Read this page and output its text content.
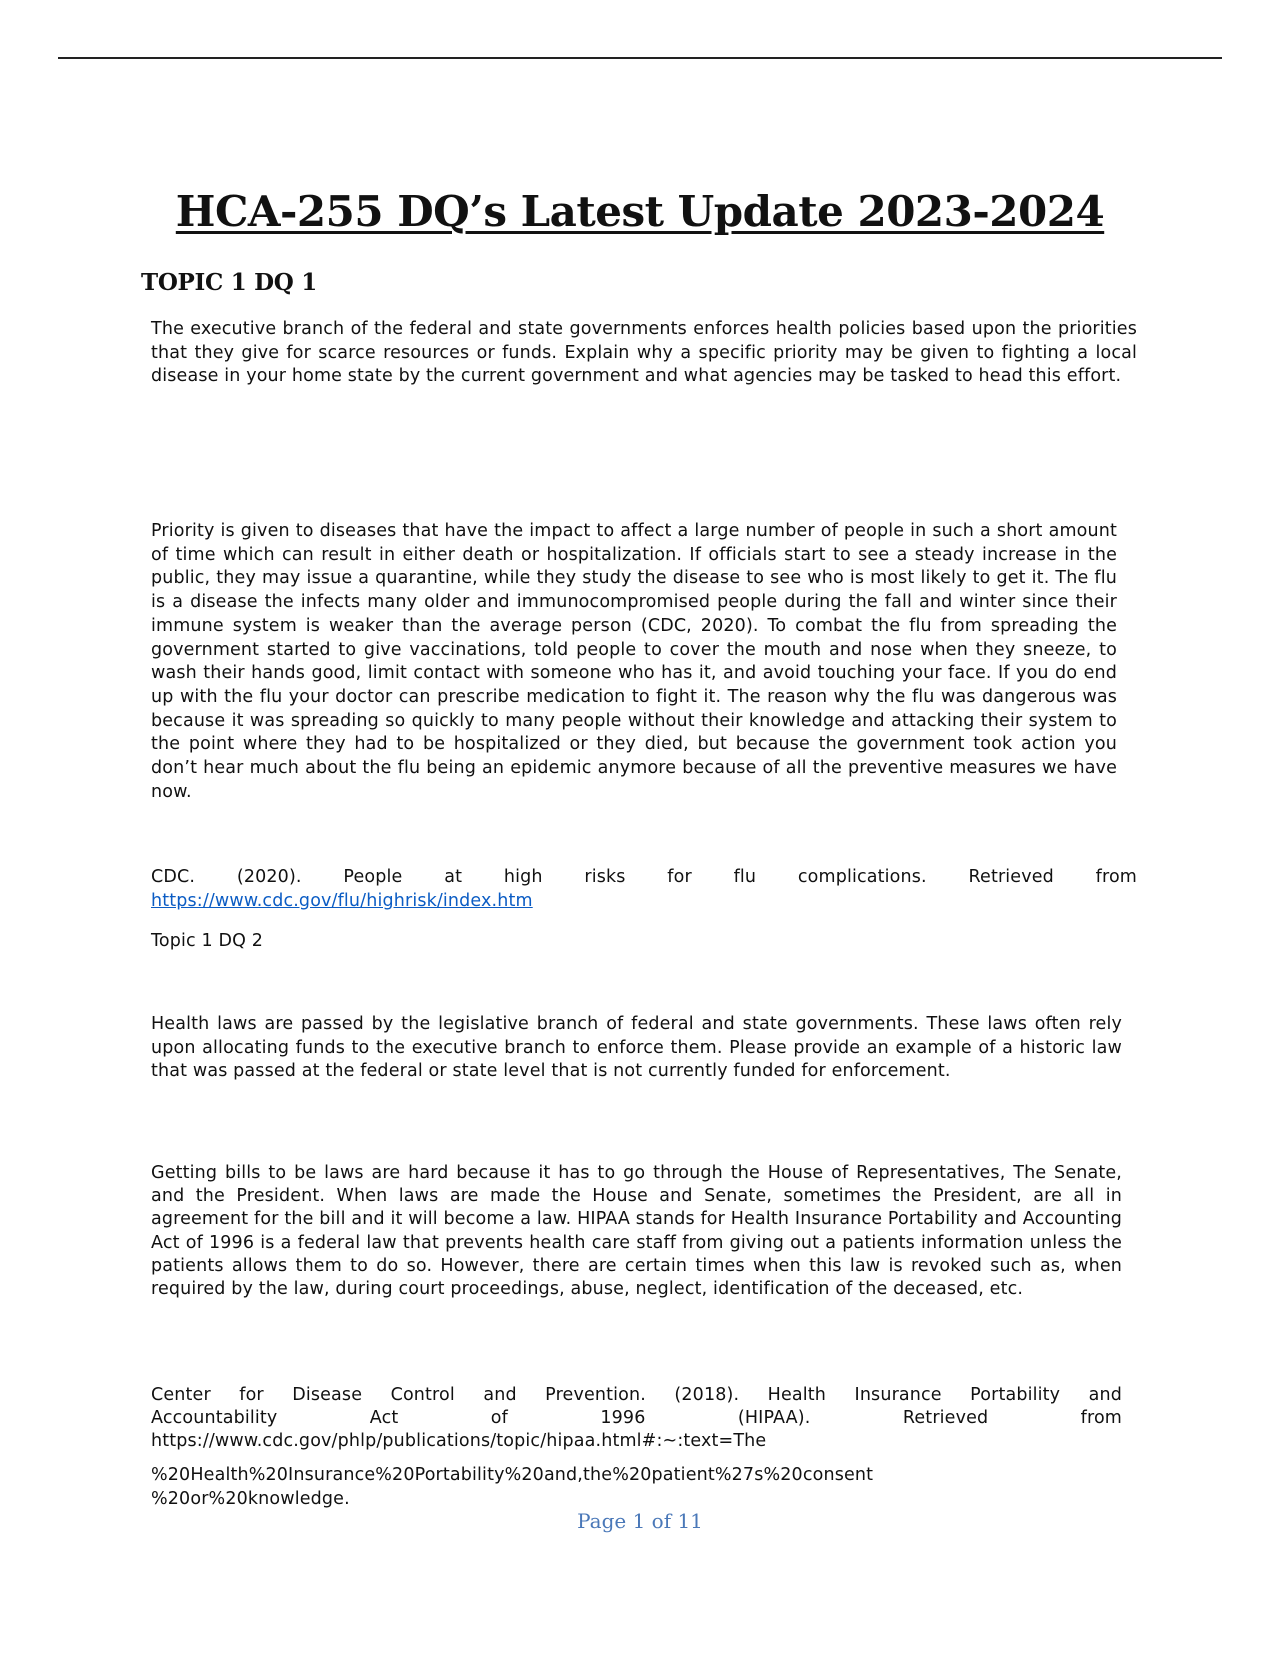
HCA-255 DQ’s Latest Update 2023-2024
TOPIC 1 DQ 1

The executive branch of the federal and state governments enforces health policies based upon the priorities that they give for scarce resources or funds. Explain why a specific priority may be given to fighting a local disease in your home state by the current government and what agencies may be tasked to head this effort.

Priority is given to diseases that have the impact to affect a large number of people in such a short amount of time which can result in either death or hospitalization. If officials start to see a steady increase in the public, they may issue a quarantine, while they study the disease to see who is most likely to get it. The flu is a disease the infects many older and immunocompromised people during the fall and winter since their immune system is weaker than the average person (CDC, 2020). To combat the flu from spreading the government started to give vaccinations, told people to cover the mouth and nose when they sneeze, to wash their hands good, limit contact with someone who has it, and avoid touching your face. If you do end up with the flu your doctor can prescribe medication to fight it. The reason why the flu was dangerous was because it was spreading so quickly to many people without their knowledge and attacking their system to the point where they had to be hospitalized or they died, but because the government took action you don’t hear much about the flu being an epidemic anymore because of all the preventive measures we have now.

CDC. (2020). People at high risks for flu complications. Retrieved from
https://www.cdc.gov/flu/highrisk/index.htm

Topic 1 DQ 2

Health laws are passed by the legislative branch of federal and state governments. These laws often rely upon allocating funds to the executive branch to enforce them. Please provide an example of a historic law that was passed at the federal or state level that is not currently funded for enforcement.

Getting bills to be laws are hard because it has to go through the House of Representatives, The Senate, and the President. When laws are made the House and Senate, sometimes the President, are all in agreement for the bill and it will become a law. HIPAA stands for Health Insurance Portability and Accounting Act of 1996 is a federal law that prevents health care staff from giving out a patients information unless the patients allows them to do so. However, there are certain times when this law is revoked such as, when required by the law, during court proceedings, abuse, neglect, identification of the deceased, etc.

Center for Disease Control and Prevention. (2018). Health Insurance Portability and
Accountability Act of 1996 (HIPAA). Retrieved from
https://www.cdc.gov/phlp/publications/topic/hipaa.html#:~:text=The
%20Health%20Insurance%20Portability%20and,the%20patient%27s%20consent
%20or%20knowledge.
Page 1 of 11
